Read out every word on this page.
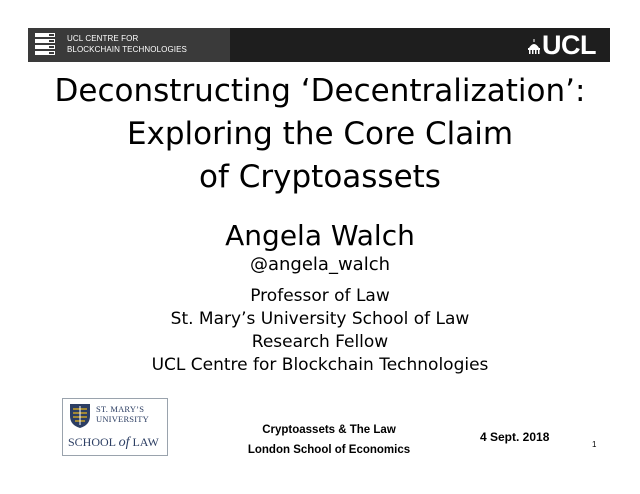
UCL CENTRE FOR
BLOCKCHAIN TECHNOLOGIES	UCL
Deconstructing ‘Decentralization’:
Exploring the Core Claim
of Cryptoassets
Angela Walch
@angela_walch
Professor of Law
St. Mary’s University School of Law
Research Fellow
UCL Centre for Blockchain Technologies
ST. MARY’S
UNIVERSITY
SCHOOL of LAW
Cryptoassets & The Law
London School of Economics
4 Sept. 2018
1
